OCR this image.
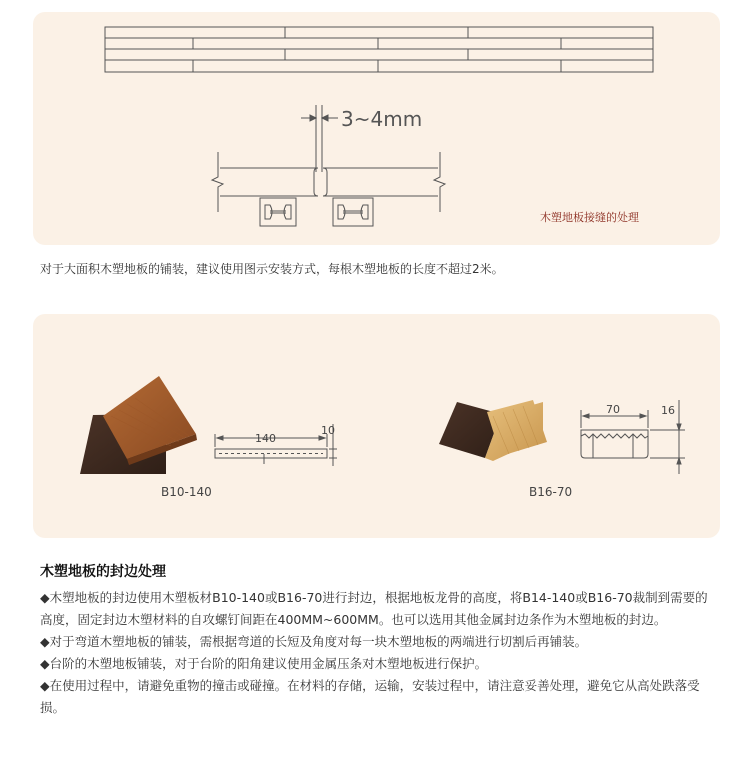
3~4mm
木塑地板接缝的处理
对于大面积木塑地板的铺装，建议使用图示安装方式，每根木塑地板的长度不超过2米。
140
10
B10-140
70	16
B16-70
木塑地板的封边处理

◆木塑地板的封边使用木塑板材B10-140或B16-70进行封边，根据地板龙骨的高度，将B14-140或B16-70裁制到需要的高度，固定封边木塑材料的自攻螺钉间距在400MM~600MM。也可以选用其他金属封边条作为木塑地板的封边。

◆对于弯道木塑地板的铺装，需根据弯道的长短及角度对每一块木塑地板的两端进行切割后再铺装。

◆台阶的木塑地板铺装，对于台阶的阳角建议使用金属压条对木塑地板进行保护。

◆在使用过程中，请避免重物的撞击或碰撞。在材料的存储，运输，安装过程中，请注意妥善处理，避免它从高处跌落受损。
